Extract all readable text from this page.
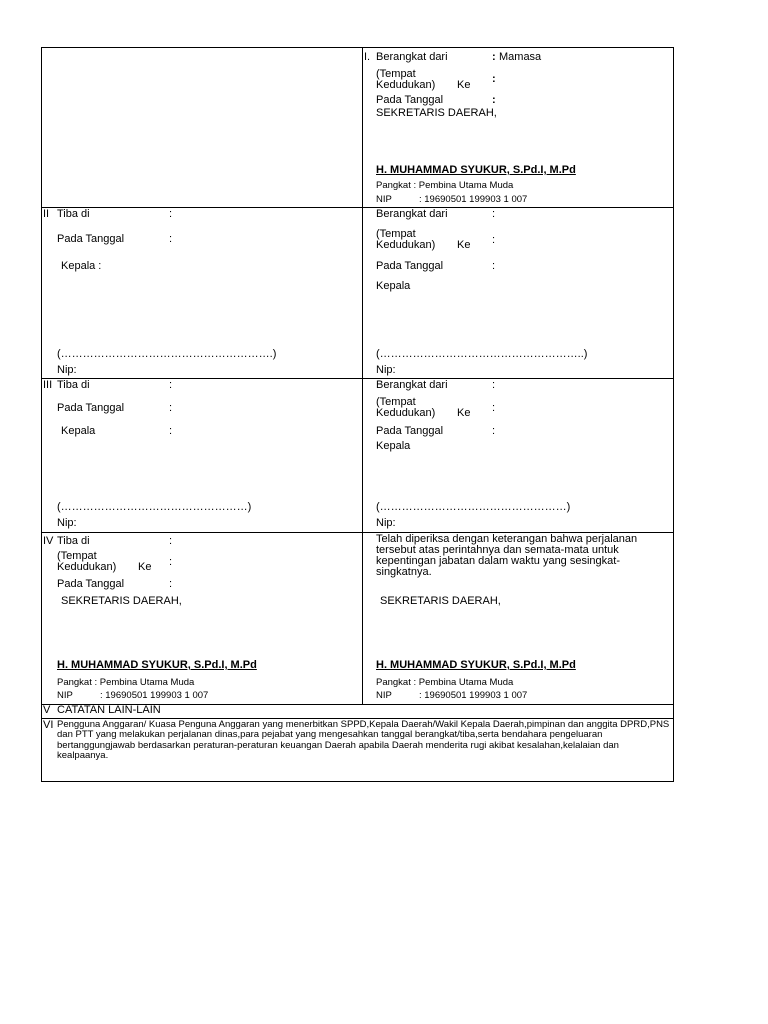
I. Berangkat dari	: Mamasa
(Tempat
Kedudukan) Ke :
Pada Tanggal	:
SEKRETARIS DAERAH,
H. MUHAMMAD SYUKUR, S.Pd.I, M.Pd
Pangkat : Pembina Utama Muda
NIP	: 19690501 199903 1 007
II Tiba di	:
Pada Tanggal	:
Kepala :
(………………………………………………….)
Nip:
Berangkat dari	:
(Tempat
Kedudukan) Ke :
Pada Tanggal	:
Kepala
(………………………………………………..)
Nip:
III Tiba di	:
Pada Tanggal	:
Kepala	:
(……………………………………………)
Nip:
Berangkat dari	:
(Tempat
Kedudukan) Ke :
Pada Tanggal	:
Kepala
(……………………………………………)
Nip:
IV Tiba di	:
(Tempat
Kedudukan) Ke :
Pada Tanggal	:
SEKRETARIS DAERAH,
H. MUHAMMAD SYUKUR, S.Pd.I, M.Pd
Pangkat : Pembina Utama Muda
NIP	: 19690501 199903 1 007
Telah diperiksa dengan keterangan bahwa perjalanan
tersebut atas perintahnya dan semata-mata untuk
kepentingan jabatan dalam waktu yang sesingkat-
singkatnya.
SEKRETARIS DAERAH,
H. MUHAMMAD SYUKUR, S.Pd.I, M.Pd
Pangkat : Pembina Utama Muda
NIP	: 19690501 199903 1 007
V CATATAN LAIN-LAIN
VI Pengguna Anggaran/ Kuasa Penguna Anggaran yang menerbitkan SPPD,Kepala Daerah/Wakil Kepala Daerah,pimpinan dan anggita DPRD,PNS dan PTT yang melakukan perjalanan dinas,para pejabat yang mengesahkan tanggal berangkat/tiba,serta bendahara pengeluaran bertanggungjawab berdasarkan peraturan-peraturan keuangan Daerah apabila Daerah menderita rugi akibat kesalahan,kelalaian dan kealpaanya.
